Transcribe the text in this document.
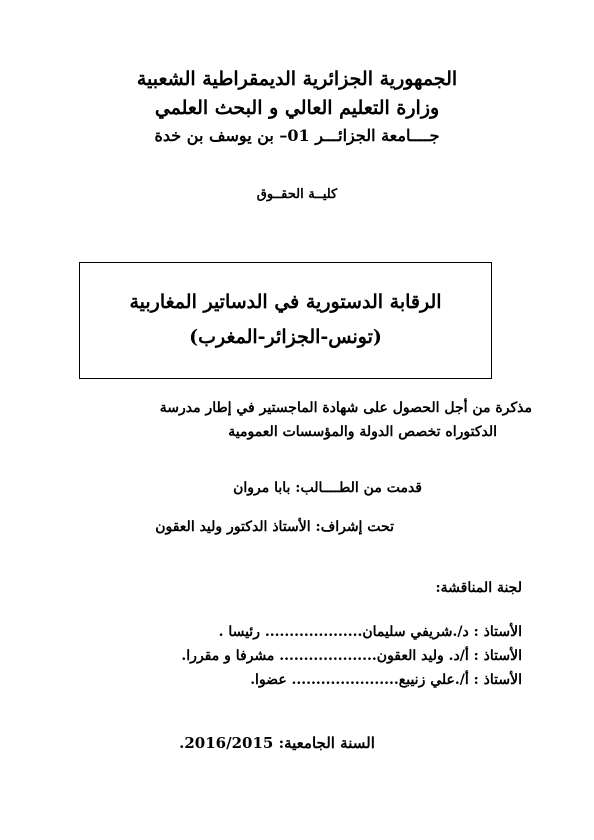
الجمهورية الجزائرية الديمقراطية الشعبية
وزارة التعليم العالي و البحث العلمي
جــــامعة الجزائـــر 01– بن يوسف بن خدة
كليــة الحقــوق
الرقابة الدستورية في الدساتير المغاربية
(تونس-الجزائر-المغرب)
مذكرة من أجل الحصول على شهادة الماجستير في إطار مدرسة
الدكتوراه تخصص الدولة والمؤسسات العمومية
قدمت من الطــــالب: بابا مروان
تحت إشراف: الأستاذ الدكتور وليد العقون
لجنة المناقشة:
الأستاذ : د/.شريفي سليمان.................... رئيسا .
الأستاذ : أ/د. وليد العقون.................... مشرفا و مقررا.
الأستاذ : أ/.علي زنيبع...................... عضوا.
السنة الجامعية: 2016/2015.
